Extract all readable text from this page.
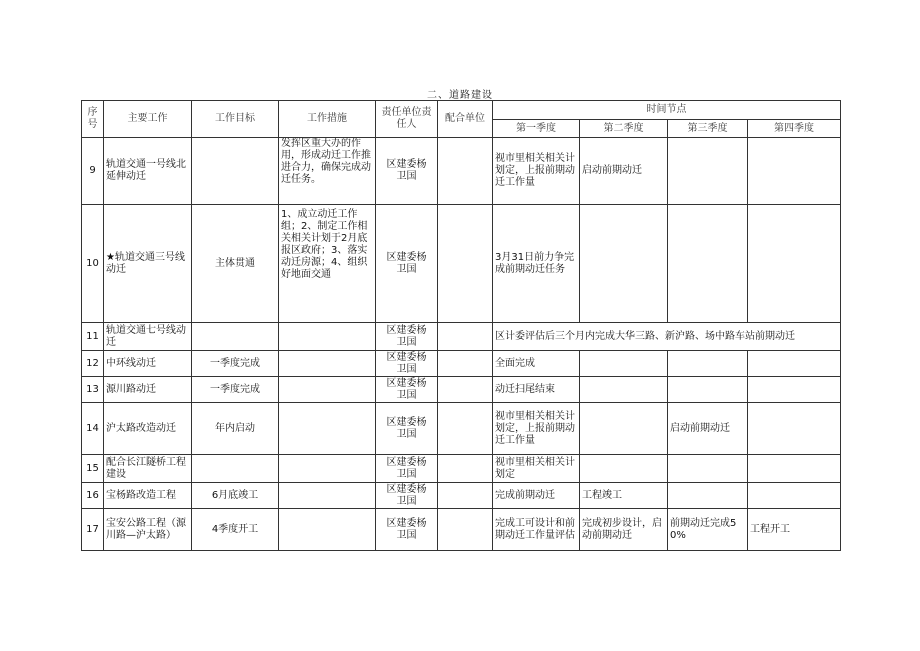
二、道路建设
序号	主要工作	工作目标	工作措施	责任单位责任人	配合单位	时间节点			
						第一季度	第二季度	第三季度	第四季度
9	轨道交通一号线北延伸动迁		发挥区重大办的作用，形成动迁工作推进合力，确保完成动迁任务。	区建委杨卫国		视市里相关相关计划定，上报前期动迁工作量	启动前期动迁		
10	★轨道交通三号线动迁	主体贯通	1、成立动迁工作组；2、制定工作相关相关计划于2月底报区政府；3、落实动迁房源；4、组织好地面交通	区建委杨卫国		3月31日前力争完成前期动迁任务			
11	轨道交通七号线动迁			区建委杨卫国		区计委评估后三个月内完成大华三路、新沪路、场中路车站前期动迁			
12	中环线动迁	一季度完成		区建委杨卫国		全面完成			
13	源川路动迁	一季度完成		区建委杨卫国		动迁扫尾结束			
14	沪太路改造动迁	年内启动		区建委杨卫国		视市里相关相关计划定，上报前期动迁工作量		启动前期动迁	
15	配合长江隧桥工程建设			区建委杨卫国		视市里相关相关计划定			
16	宝杨路改造工程	6月底竣工		区建委杨卫国		完成前期动迁	工程竣工		
17	宝安公路工程（源川路—沪太路）	4季度开工		区建委杨卫国		完成工可设计和前期动迁工作量评估	完成初步设计，启动前期动迁	前期动迁完成50%	工程开工
